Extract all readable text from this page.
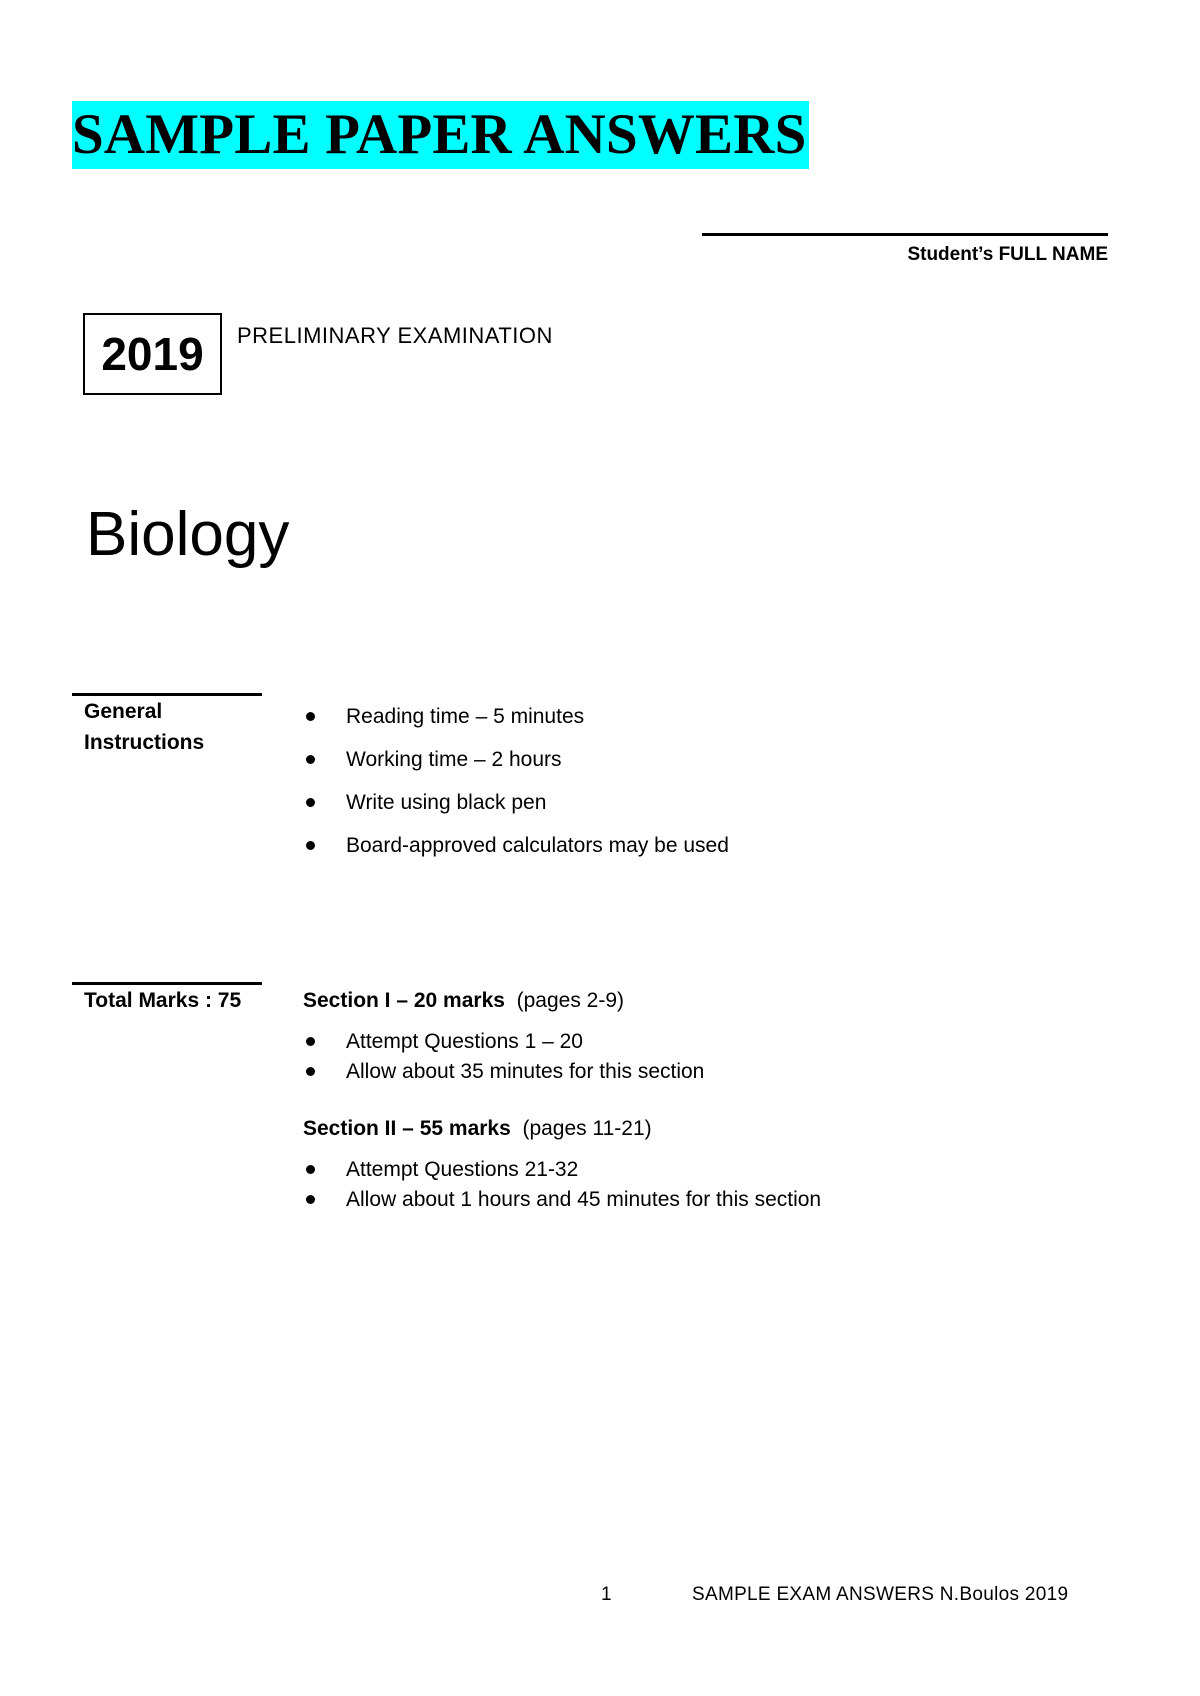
SAMPLE PAPER ANSWERS
Student’s FULL NAME
2019	PRELIMINARY EXAMINATION
Biology
General Instructions
Reading time – 5 minutes
Working time – 2 hours
Write using black pen
Board-approved calculators may be used
Total Marks : 75	Section I – 20 marks (pages 2-9)
Attempt Questions 1 – 20
Allow about 35 minutes for this section
Section II – 55 marks (pages 11-21)
Attempt Questions 21-32
Allow about 1 hours and 45 minutes for this section
1	SAMPLE EXAM ANSWERS N.Boulos 2019
